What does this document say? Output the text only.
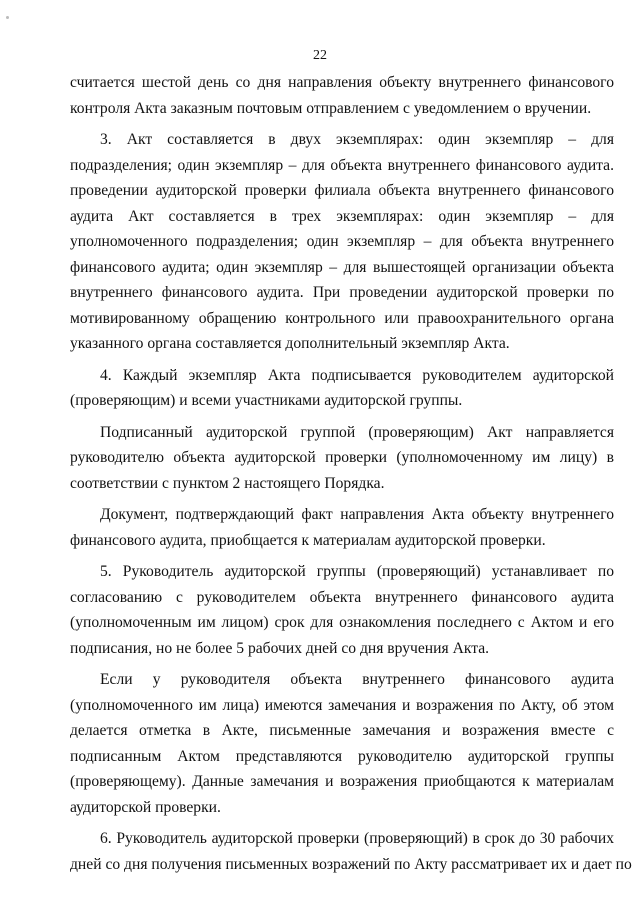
22
считается шестой день со дня направления объекту внутреннего финансового
контроля Акта заказным почтовым отправлением с уведомлением о вручении.
3. Акт составляется в двух экземплярах: один экземпляр – для
подразделения; один экземпляр – для объекта внутреннего финансового аудита.
проведении аудиторской проверки филиала объекта внутреннего финансового
аудита Акт составляется в трех экземплярах: один экземпляр – для
уполномоченного подразделения; один экземпляр – для объекта внутреннего
финансового аудита; один экземпляр – для вышестоящей организации объекта
внутреннего финансового аудита. При проведении аудиторской проверки по
мотивированному обращению контрольного или правоохранительного органа
указанного органа составляется дополнительный экземпляр Акта.
4. Каждый экземпляр Акта подписывается руководителем аудиторской
(проверяющим) и всеми участниками аудиторской группы.
Подписанный аудиторской группой (проверяющим) Акт направляется
руководителю объекта аудиторской проверки (уполномоченному им лицу) в
соответствии с пунктом 2 настоящего Порядка.
Документ, подтверждающий факт направления Акта объекту внутреннего
финансового аудита, приобщается к материалам аудиторской проверки.
5. Руководитель аудиторской группы (проверяющий) устанавливает по
согласованию с руководителем объекта внутреннего финансового аудита
(уполномоченным им лицом) срок для ознакомления последнего с Актом и его
подписания, но не более 5 рабочих дней со дня вручения Акта.
Если у руководителя объекта внутреннего финансового аудита
(уполномоченного им лица) имеются замечания и возражения по Акту, об этом
делается отметка в Акте, письменные замечания и возражения вместе с
подписанным Актом представляются руководителю аудиторской группы
(проверяющему). Данные замечания и возражения приобщаются к материалам
аудиторской проверки.
6. Руководитель аудиторской проверки (проверяющий) в срок до 30 рабочих
дней со дня получения письменных возражений по Акту рассматривает их и дает по
